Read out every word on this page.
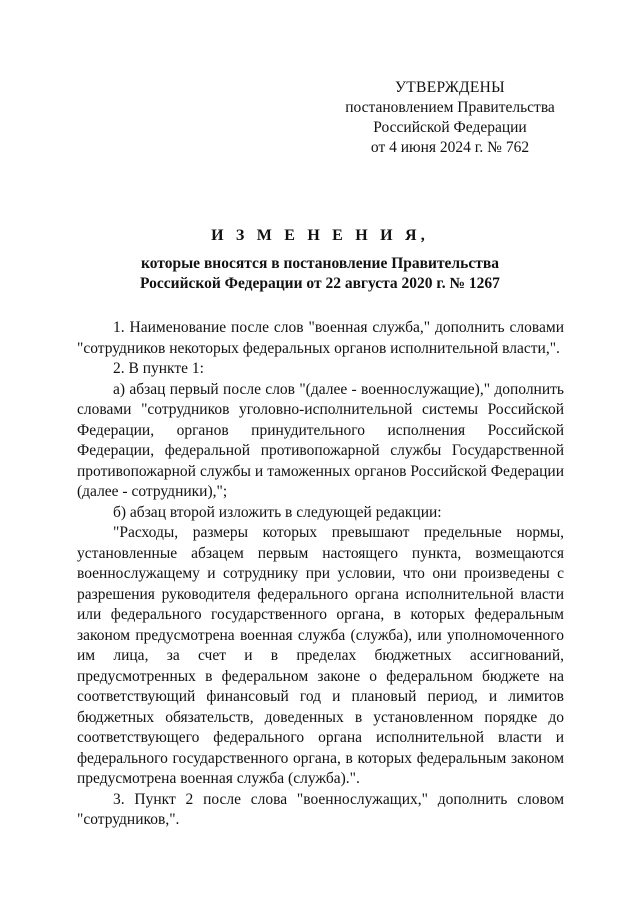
УТВЕРЖДЕНЫ
постановлением Правительства
Российской Федерации
от 4 июня 2024 г. № 762
И З М Е Н Е Н И Я,
которые вносятся в постановление Правительства
Российской Федерации от 22 августа 2020 г. № 1267

1. Наименование после слов "военная служба," дополнить словами "сотрудников некоторых федеральных органов исполнительной власти,".

2. В пункте 1:

а) абзац первый после слов "(далее - военнослужащие)," дополнить словами "сотрудников уголовно-исполнительной системы Российской Федерации, органов принудительного исполнения Российской Федерации, федеральной противопожарной службы Государственной противопожарной службы и таможенных органов Российской Федерации (далее - сотрудники),";

б) абзац второй изложить в следующей редакции:

"Расходы, размеры которых превышают предельные нормы, установленные абзацем первым настоящего пункта, возмещаются военнослужащему и сотруднику при условии, что они произведены с разрешения руководителя федерального органа исполнительной власти или федерального государственного органа, в которых федеральным законом предусмотрена военная служба (служба), или уполномоченного им лица, за счет и в пределах бюджетных ассигнований, предусмотренных в федеральном законе о федеральном бюджете на соответствующий финансовый год и плановый период, и лимитов бюджетных обязательств, доведенных в установленном порядке до соответствующего федерального органа исполнительной власти и федерального государственного органа, в которых федеральным законом предусмотрена военная служба (служба).".

3. Пункт 2 после слова "военнослужащих," дополнить словом "сотрудников,".
